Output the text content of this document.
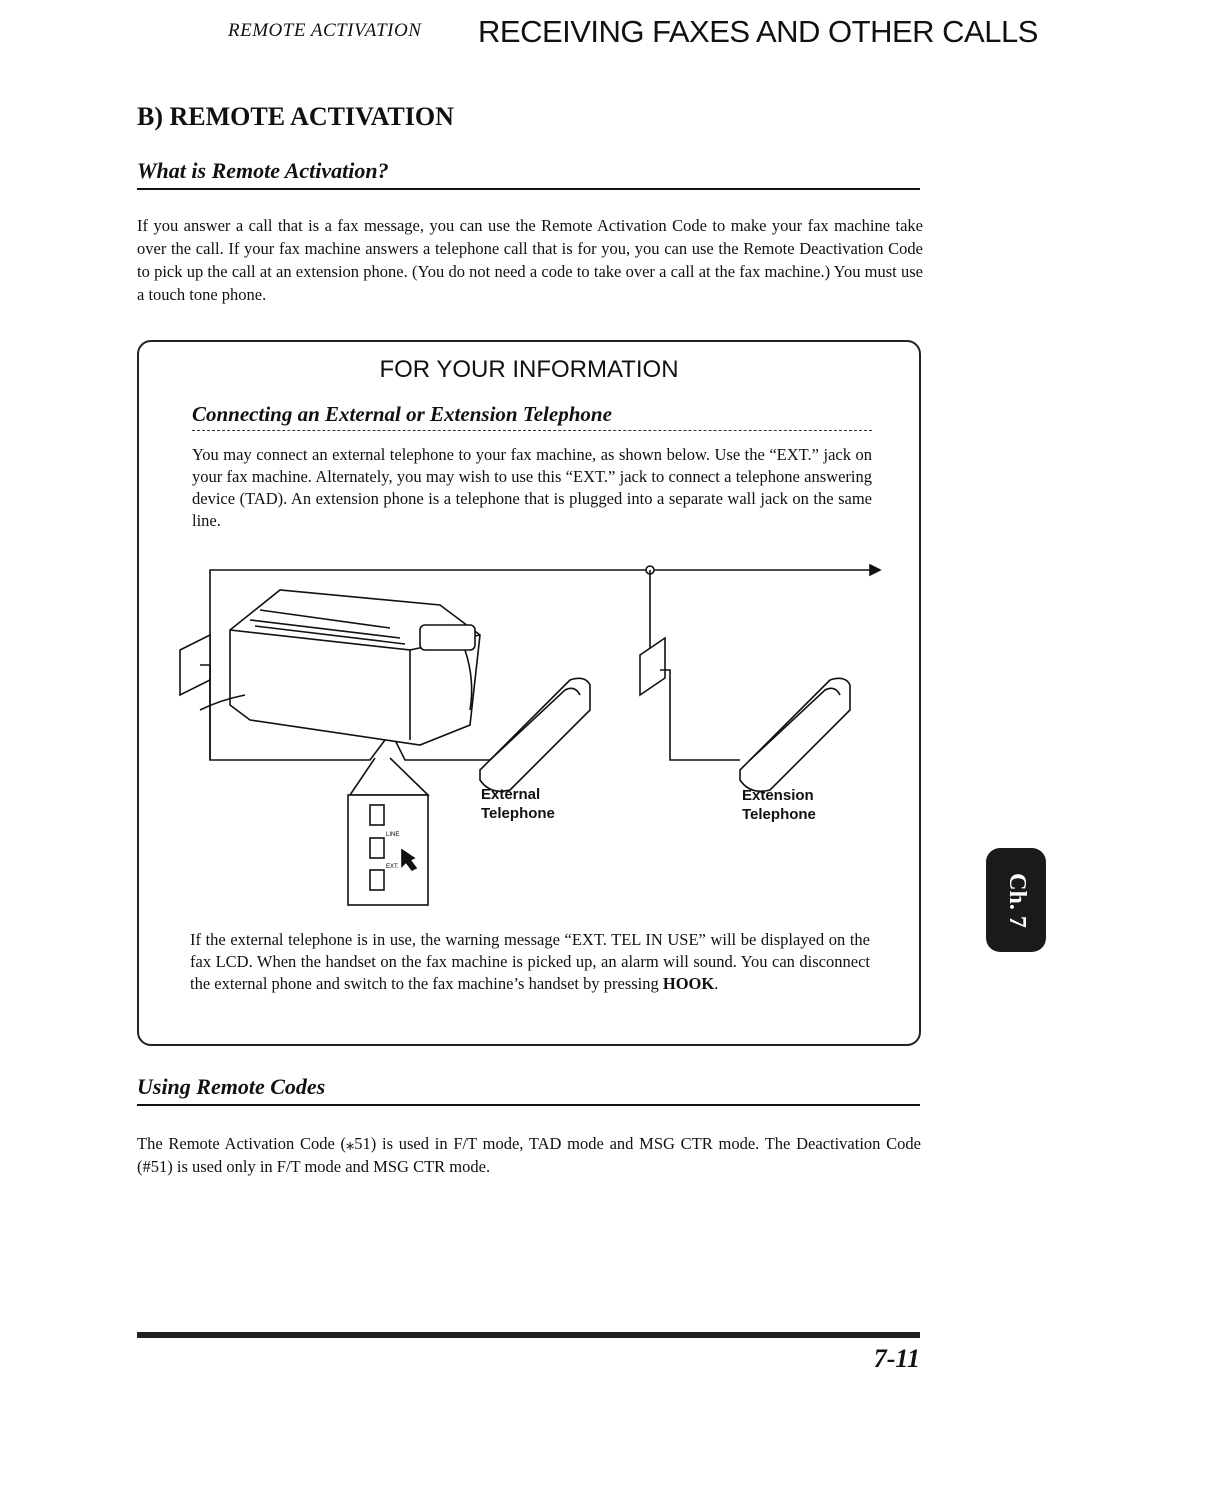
REMOTE ACTIVATION RECEIVING FAXES AND OTHER CALLS
B) REMOTE ACTIVATION
What is Remote Activation?
If you answer a call that is a fax message, you can use the Remote Activation Code to make your fax machine take over the call. If your fax machine answers a telephone call that is for you, you can use the Remote Deactivation Code to pick up the call at an extension phone. (You do not need a code to take over a call at the fax machine.) You must use a touch tone phone.
FOR YOUR INFORMATION
Connecting an External or Extension Telephone
You may connect an external telephone to your fax machine, as shown below. Use the “EXT.” jack on your fax machine. Alternately, you may wish to use this “EXT.” jack to connect a telephone answering device (TAD). An extension phone is a telephone that is plugged into a separate wall jack on the same line.
LINE
EXT.
External
Telephone
Extension
Telephone
If the external telephone is in use, the warning message “EXT. TEL IN USE” will be displayed on the fax LCD. When the handset on the fax machine is picked up, an alarm will sound. You can disconnect the external phone and switch to the fax machine’s handset by pressing HOOK.
Using Remote Codes
The Remote Activation Code (⁎51) is used in F/T mode, TAD mode and MSG CTR mode. The Deactivation Code (#51) is used only in F/T mode and MSG CTR mode.
Ch. 7
7-11
